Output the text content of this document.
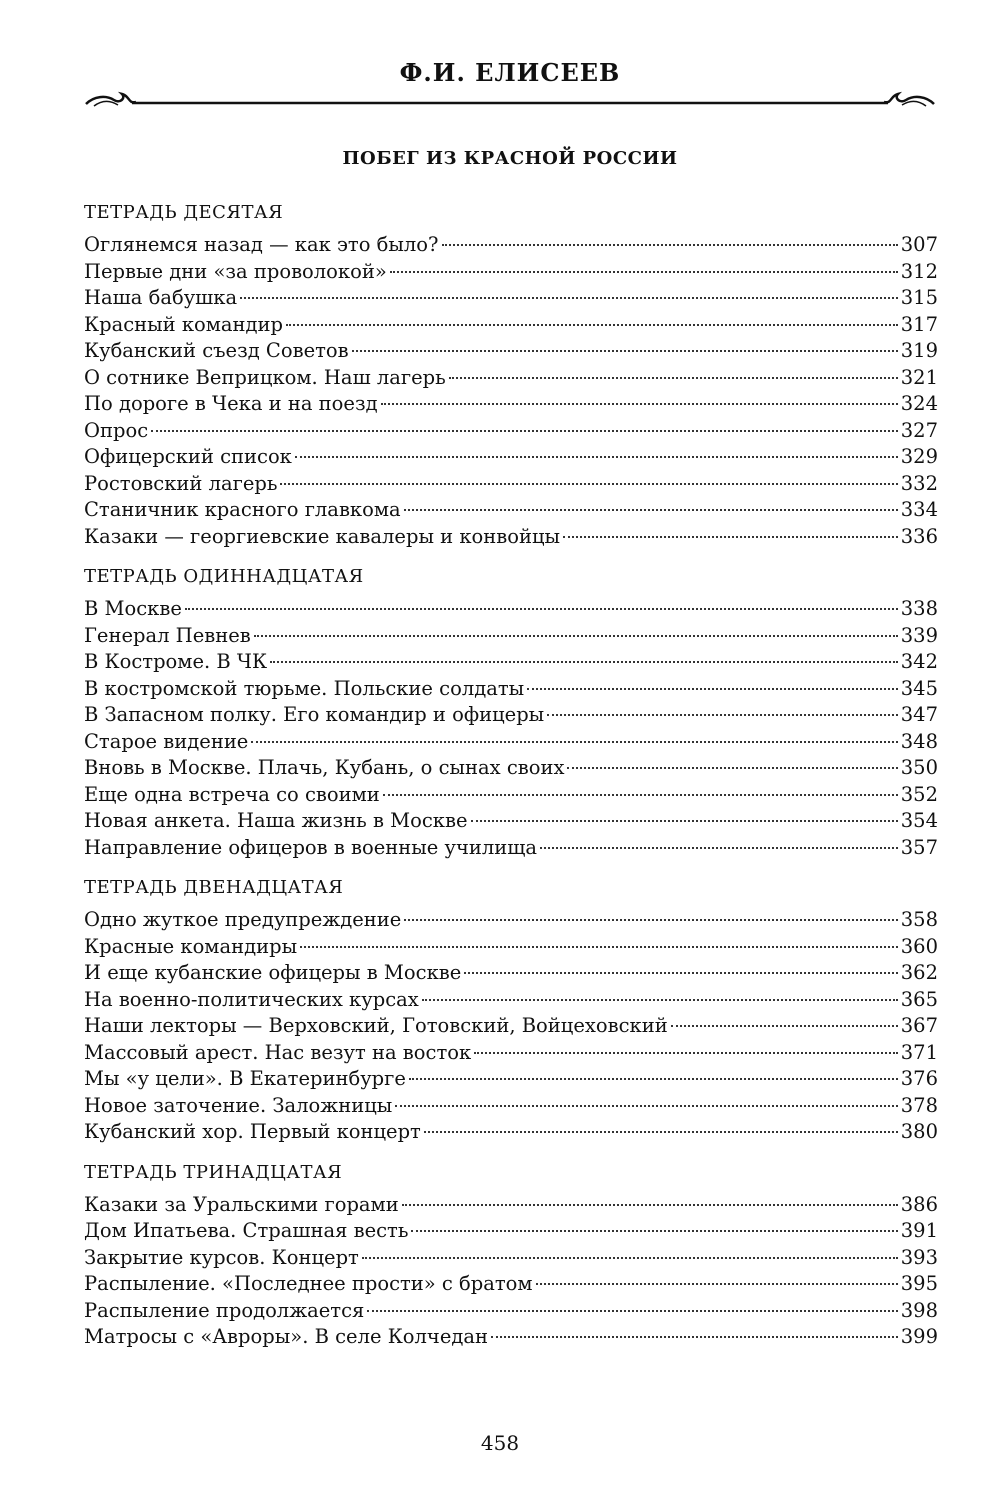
Ф.И. ЕЛИСЕЕВ
ПОБЕГ ИЗ КРАСНОЙ РОССИИ
ТЕТРАДЬ ДЕСЯТАЯ
Оглянемся назад — как это было?	307
Первые дни «за проволокой»	312
Наша бабушка	315
Красный командир	317
Кубанский съезд Советов	319
О сотнике Веприцком. Наш лагерь	321
По дороге в Чека и на поезд	324
Опрос	327
Офицерский список	329
Ростовский лагерь	332
Станичник красного главкома	334
Казаки — георгиевские кавалеры и конвойцы	336
ТЕТРАДЬ ОДИННАДЦАТАЯ
В Москве	338
Генерал Певнев	339
В Костроме. В ЧК	342
В костромской тюрьме. Польские солдаты	345
В Запасном полку. Его командир и офицеры	347
Старое видение	348
Вновь в Москве. Плачь, Кубань, о сынах своих	350
Еще одна встреча со своими	352
Новая анкета. Наша жизнь в Москве	354
Направление офицеров в военные училища	357
ТЕТРАДЬ ДВЕНАДЦАТАЯ
Одно жуткое предупреждение	358
Красные командиры	360
И еще кубанские офицеры в Москве	362
На военно-политических курсах	365
Наши лекторы — Верховский, Готовский, Войцеховский	367
Массовый арест. Нас везут на восток	371
Мы «у цели». В Екатеринбурге	376
Новое заточение. Заложницы	378
Кубанский хор. Первый концерт	380
ТЕТРАДЬ ТРИНАДЦАТАЯ
Казаки за Уральскими горами	386
Дом Ипатьева. Страшная весть	391
Закрытие курсов. Концерт	393
Распыление. «Последнее прости» с братом	395
Распыление продолжается	398
Матросы с «Авроры». В селе Колчедан	399
458
